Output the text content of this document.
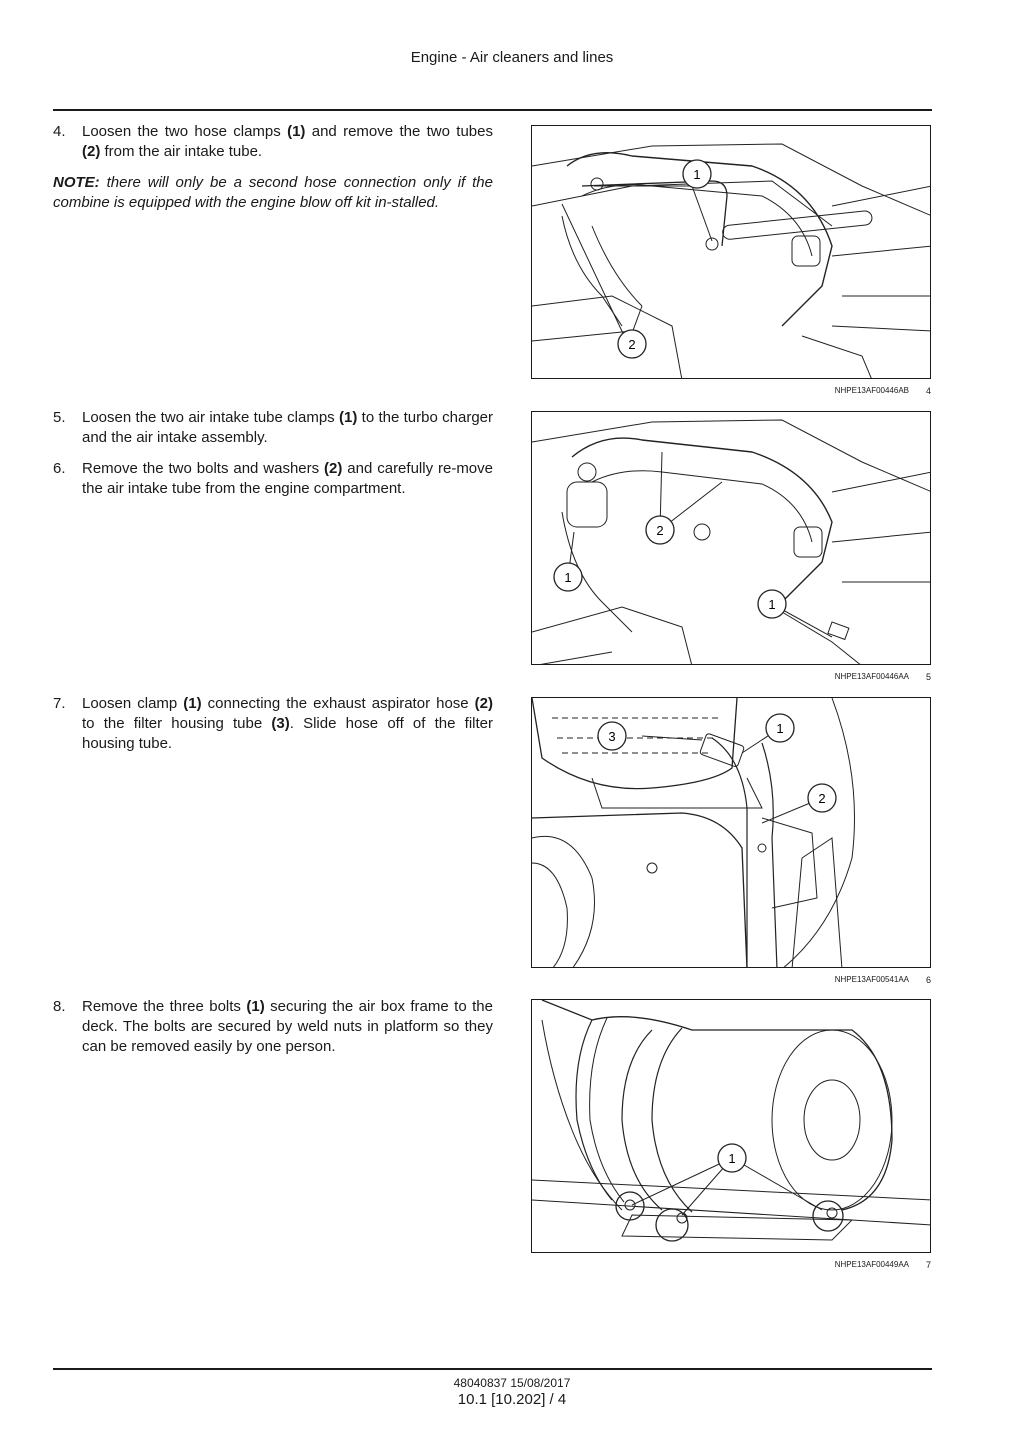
Engine - Air cleaners and lines
4. Loosen the two hose clamps (1) and remove the two tubes (2) from the air intake tube.
NOTE: there will only be a second hose connection only if the combine is equipped with the engine blow off kit in-stalled.
5. Loosen the two air intake tube clamps (1) to the turbo charger and the air intake assembly.
6. Remove the two bolts and washers (2) and carefully re-move the air intake tube from the engine compartment.
7. Loosen clamp (1) connecting the exhaust aspirator hose (2) to the filter housing tube (3). Slide hose off of the filter housing tube.
8. Remove the three bolts (1) securing the air box frame to the deck. The bolts are secured by weld nuts in platform so they can be removed easily by one person.
1
2
NHPE13AF00446AB 4
2
1
1
NHPE13AF00446AA 5
3
1
2
NHPE13AF00541AA 6
1
NHPE13AF00449AA 7
48040837 15/08/2017
10.1 [10.202] / 4
